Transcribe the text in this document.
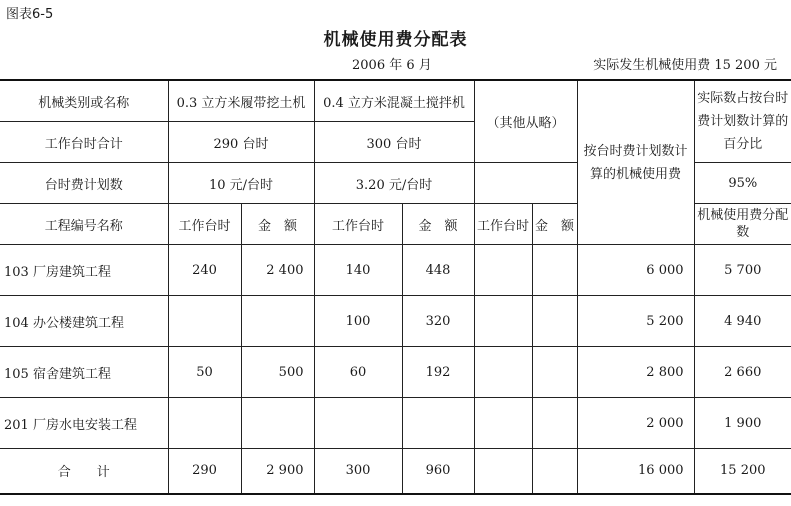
图表6-5
机械使用费分配表
2006 年 6 月	实际发生机械使用费 15 200 元
机械类别或名称	0.3 立方米履带挖土机		0.4 立方米混凝土搅拌机		（其他从略）		按台时费计划数计算的机械使用费	实际数占按台时费计划数计算的百分比
工作台时合计	290 台时		300 台时					
台时费计划数	10 元/台时		3.20 元/台时					95%
工程编号名称	工作台时	金　额	工作台时	金　额	工作台时	金　额		机械使用费分配数
103 厂房建筑工程	240	2 400	140	448			6 000	5 700
104 办公楼建筑工程			100	320			5 200	4 940
105 宿舍建筑工程	50	500	60	192			2 800	2 660
201 厂房水电安装工程							2 000	1 900
合　　计	290	2 900	300	960			16 000	15 200
